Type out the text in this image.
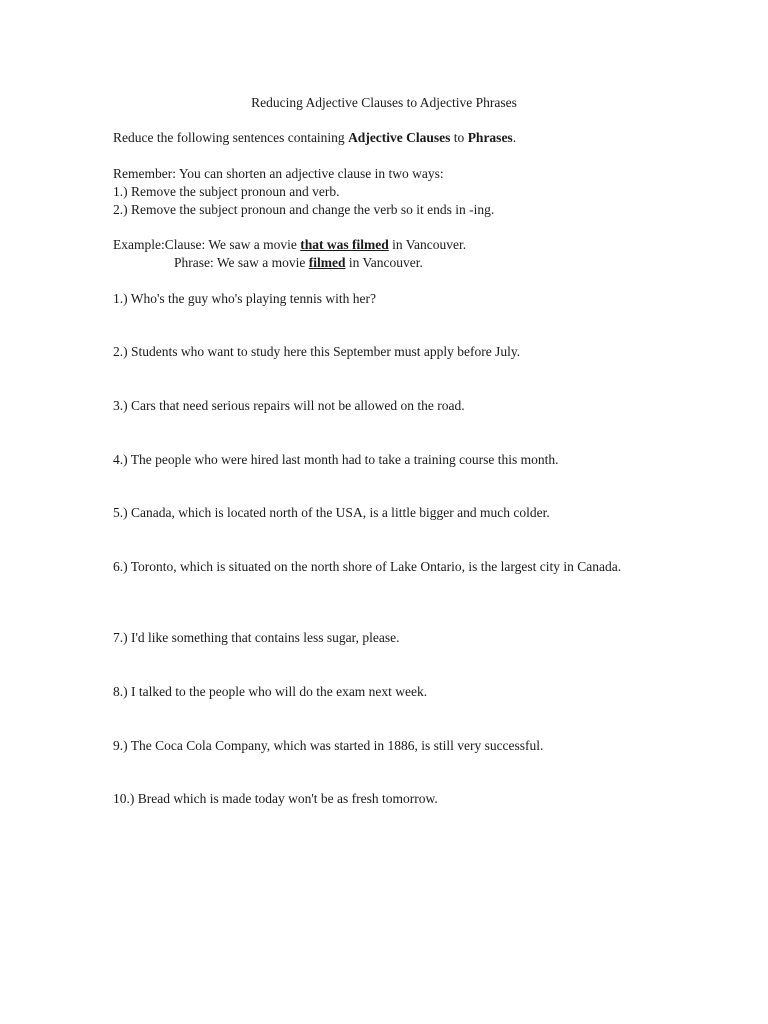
Reducing Adjective Clauses to Adjective Phrases

Reduce the following sentences containing Adjective Clauses to Phrases.

Remember: You can shorten an adjective clause in two ways:

1.) Remove the subject pronoun and verb.

2.) Remove the subject pronoun and change the verb so it ends in -ing.

Example:Clause: We saw a movie that was filmed in Vancouver.

Phrase: We saw a movie filmed in Vancouver.

1.) Who's the guy who's playing tennis with her?

2.) Students who want to study here this September must apply before July.

3.) Cars that need serious repairs will not be allowed on the road.

4.) The people who were hired last month had to take a training course this month.

5.) Canada, which is located north of the USA, is a little bigger and much colder.

6.) Toronto, which is situated on the north shore of Lake Ontario, is the largest city in Canada.

7.) I'd like something that contains less sugar, please.

8.) I talked to the people who will do the exam next week.

9.) The Coca Cola Company, which was started in 1886, is still very successful.

10.) Bread which is made today won't be as fresh tomorrow.
